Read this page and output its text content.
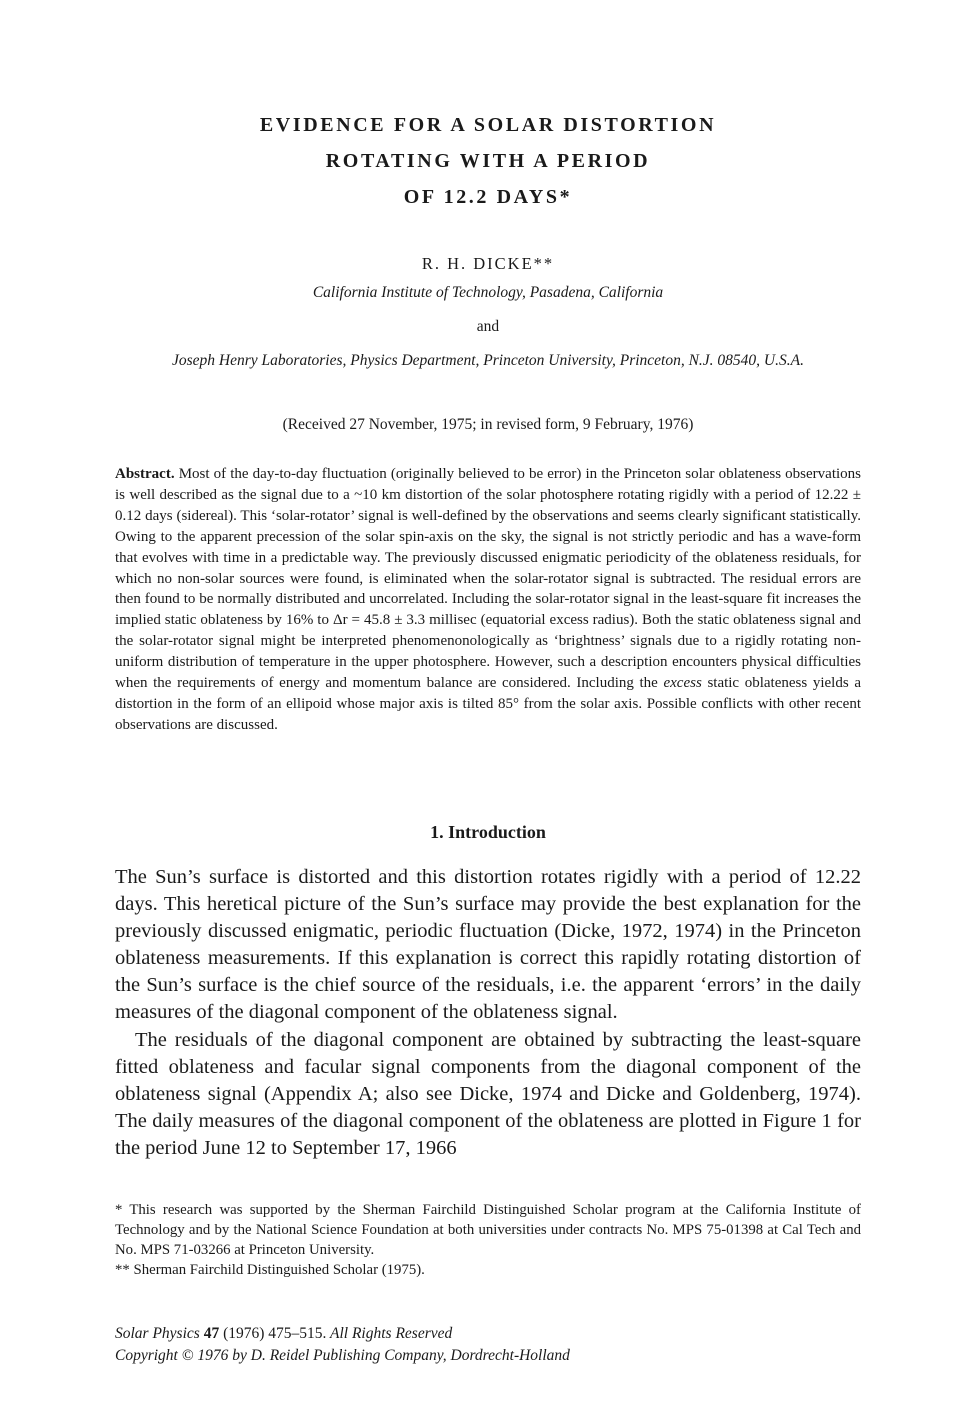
EVIDENCE FOR A SOLAR DISTORTION
ROTATING WITH A PERIOD
OF 12.2 DAYS*
R. H. DICKE**
California Institute of Technology, Pasadena, California
and
Joseph Henry Laboratories, Physics Department, Princeton University, Princeton, N.J. 08540, U.S.A.
(Received 27 November, 1975; in revised form, 9 February, 1976)
Abstract. Most of the day-to-day fluctuation (originally believed to be error) in the Princeton solar oblateness observations is well described as the signal due to a ~10 km distortion of the solar photosphere rotating rigidly with a period of 12.22 ± 0.12 days (sidereal). This ‘solar-rotator’ signal is well-defined by the observations and seems clearly significant statistically. Owing to the apparent precession of the solar spin-axis on the sky, the signal is not strictly periodic and has a wave-form that evolves with time in a predictable way. The previously discussed enigmatic periodicity of the oblateness residuals, for which no non-solar sources were found, is eliminated when the solar-rotator signal is subtracted. The residual errors are then found to be normally distributed and uncorrelated. Including the solar-rotator signal in the least-square fit increases the implied static oblateness by 16% to Δr = 45.8 ± 3.3 millisec (equatorial excess radius). Both the static oblateness signal and the solar-rotator signal might be interpreted phenomenonologically as ‘brightness’ signals due to a rigidly rotating non-uniform distribution of temperature in the upper photosphere. However, such a description encounters physical difficulties when the requirements of energy and momentum balance are considered. Including the excess static oblateness yields a distortion in the form of an ellipoid whose major axis is tilted 85° from the solar axis. Possible conflicts with other recent observations are discussed.
1. Introduction

The Sun’s surface is distorted and this distortion rotates rigidly with a period of 12.22 days. This heretical picture of the Sun’s surface may provide the best explanation for the previously discussed enigmatic, periodic fluctuation (Dicke, 1972, 1974) in the Princeton oblateness measurements. If this explanation is correct this rapidly rotating distortion of the Sun’s surface is the chief source of the residuals, i.e. the apparent ‘errors’ in the daily measures of the diagonal component of the oblateness signal.

The residuals of the diagonal component are obtained by subtracting the least-square fitted oblateness and facular signal components from the diagonal component of the oblateness signal (Appendix A; also see Dicke, 1974 and Dicke and Goldenberg, 1974). The daily measures of the diagonal component of the oblateness are plotted in Figure 1 for the period June 12 to September 17, 1966

* This research was supported by the Sherman Fairchild Distinguished Scholar program at the California Institute of Technology and by the National Science Foundation at both universities under contracts No. MPS 75-01398 at Cal Tech and No. MPS 71-03266 at Princeton University.

** Sherman Fairchild Distinguished Scholar (1975).

Solar Physics 47 (1976) 475–515. All Rights Reserved
Copyright © 1976 by D. Reidel Publishing Company, Dordrecht-Holland
